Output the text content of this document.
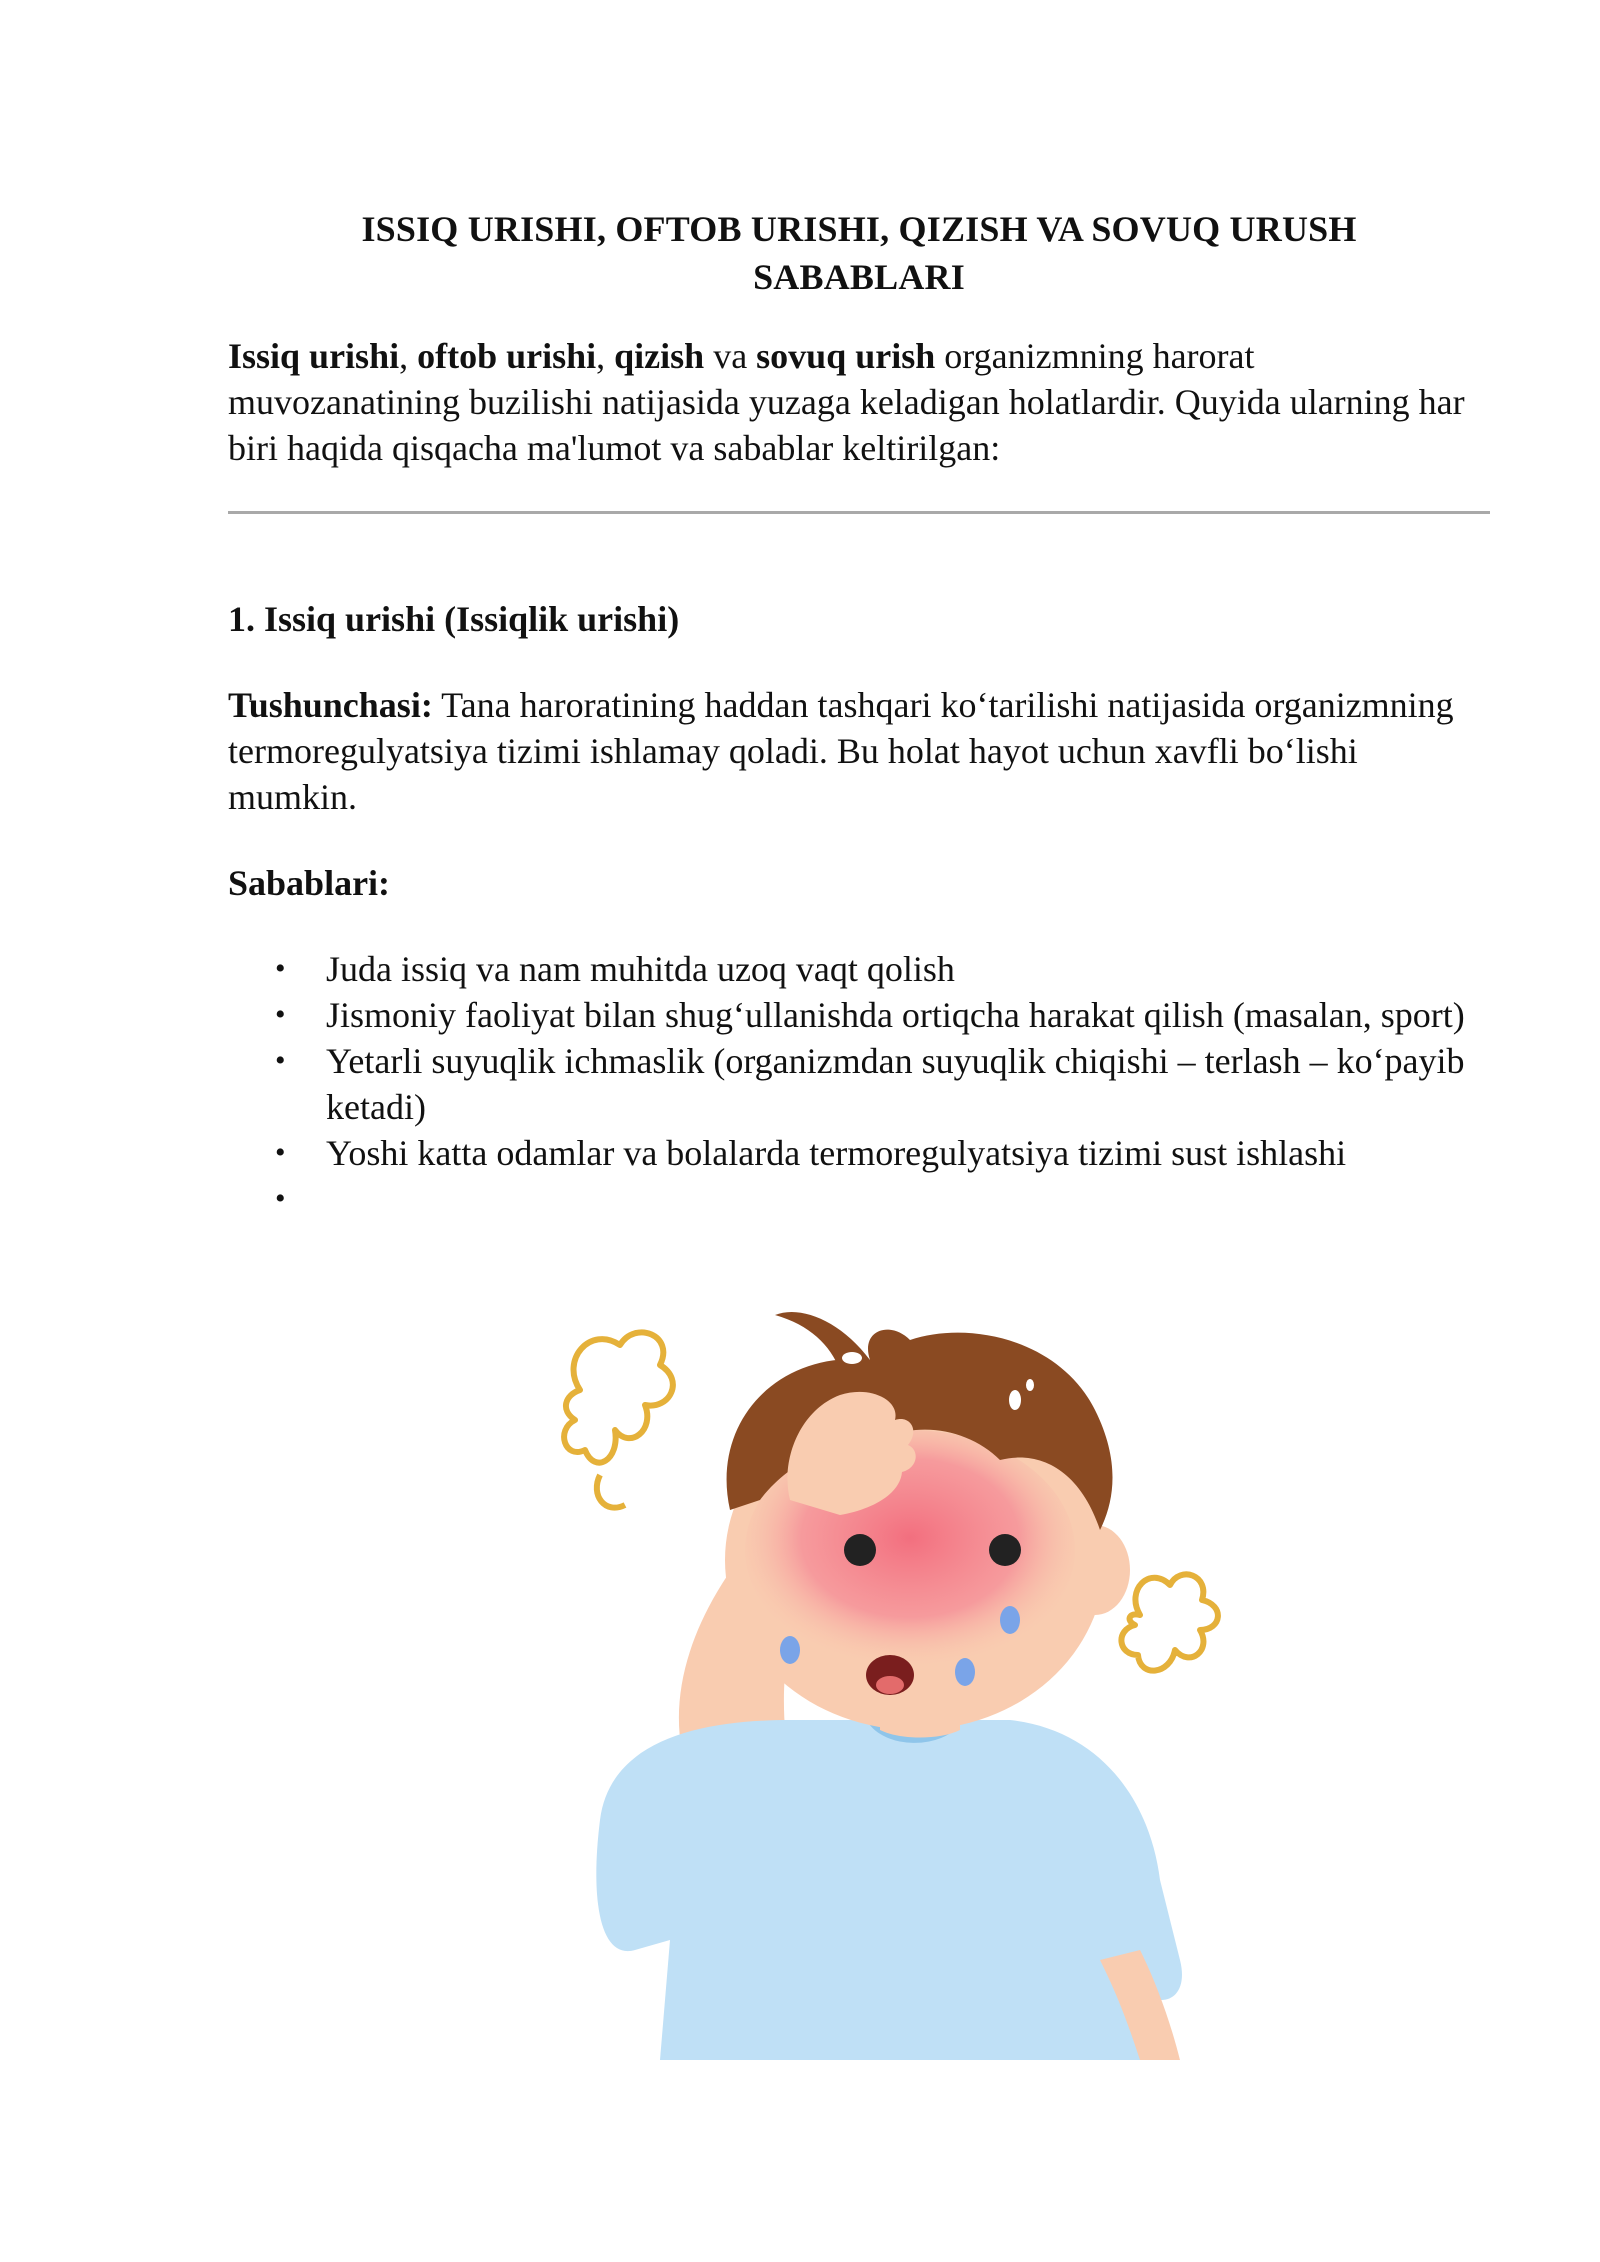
ISSIQ URISHI, OFTOB URISHI, QIZISH VA SOVUQ URUSH
SABABLARI

Issiq urishi, oftob urishi, qizish va sovuq urish organizmning harorat muvozanatining buzilishi natijasida yuzaga keladigan holatlardir. Quyida ularning har biri haqida qisqacha ma'lumot va sabablar keltirilgan:

1. Issiq urishi (Issiqlik urishi)

Tushunchasi: Tana haroratining haddan tashqari ko‘tarilishi natijasida organizmning termoregulyatsiya tizimi ishlamay qoladi. Bu holat hayot uchun xavfli bo‘lishi mumkin.

Sabablari:
• Juda issiq va nam muhitda uzoq vaqt qolish
• Jismoniy faoliyat bilan shug‘ullanishda ortiqcha harakat qilish (masalan, sport)
• Yetarli suyuqlik ichmaslik (organizmdan suyuqlik chiqishi – terlash – ko‘payib ketadi)
• Yoshi katta odamlar va bolalarda termoregulyatsiya tizimi sust ishlashi
•
